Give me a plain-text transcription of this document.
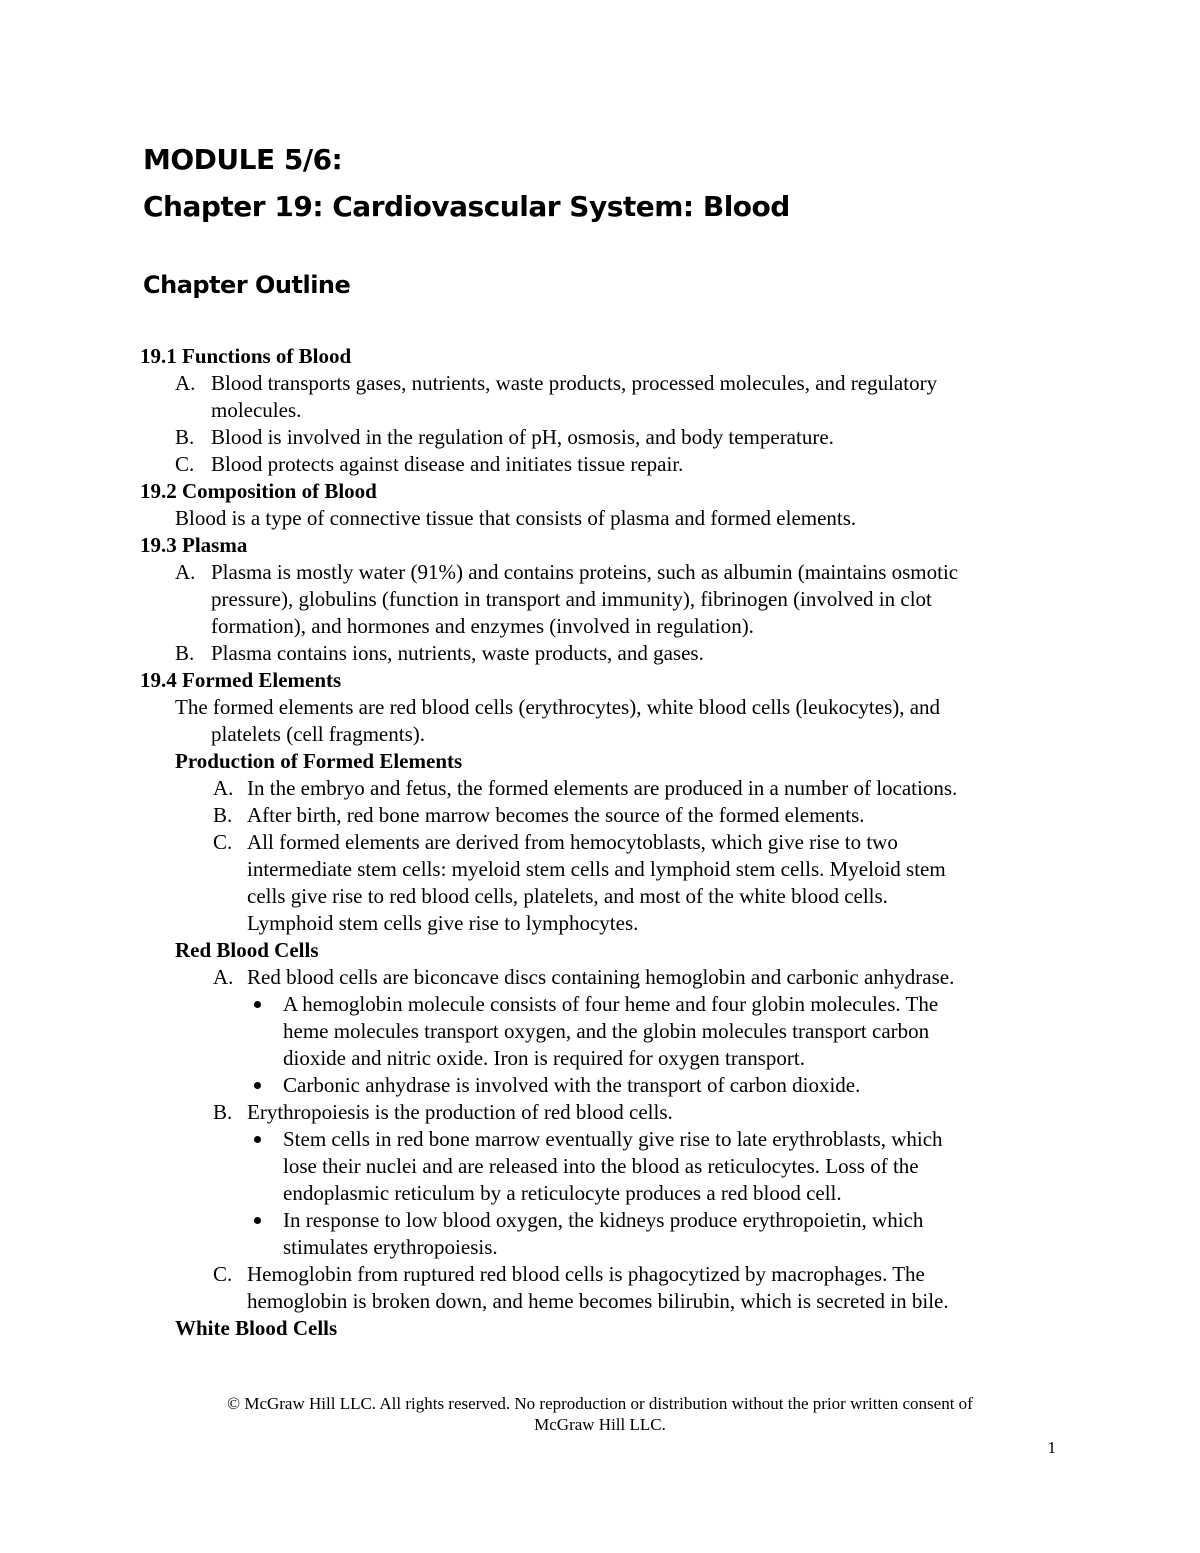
MODULE 5/6:
Chapter 19: Cardiovascular System: Blood
Chapter Outline
19.1 Functions of Blood
A. Blood transports gases, nutrients, waste products, processed molecules, and regulatory
molecules.
B. Blood is involved in the regulation of pH, osmosis, and body temperature.
C. Blood protects against disease and initiates tissue repair.
19.2 Composition of Blood
Blood is a type of connective tissue that consists of plasma and formed elements.
19.3 Plasma
A. Plasma is mostly water (91%) and contains proteins, such as albumin (maintains osmotic
pressure), globulins (function in transport and immunity), fibrinogen (involved in clot
formation), and hormones and enzymes (involved in regulation).
B. Plasma contains ions, nutrients, waste products, and gases.
19.4 Formed Elements
The formed elements are red blood cells (erythrocytes), white blood cells (leukocytes), and
platelets (cell fragments).
Production of Formed Elements
A. In the embryo and fetus, the formed elements are produced in a number of locations.
B. After birth, red bone marrow becomes the source of the formed elements.
C. All formed elements are derived from hemocytoblasts, which give rise to two
intermediate stem cells: myeloid stem cells and lymphoid stem cells. Myeloid stem
cells give rise to red blood cells, platelets, and most of the white blood cells.
Lymphoid stem cells give rise to lymphocytes.
Red Blood Cells
A. Red blood cells are biconcave discs containing hemoglobin and carbonic anhydrase.
A hemoglobin molecule consists of four heme and four globin molecules. The
heme molecules transport oxygen, and the globin molecules transport carbon
dioxide and nitric oxide. Iron is required for oxygen transport.
Carbonic anhydrase is involved with the transport of carbon dioxide.
B. Erythropoiesis is the production of red blood cells.
Stem cells in red bone marrow eventually give rise to late erythroblasts, which
lose their nuclei and are released into the blood as reticulocytes. Loss of the
endoplasmic reticulum by a reticulocyte produces a red blood cell.
In response to low blood oxygen, the kidneys produce erythropoietin, which
stimulates erythropoiesis.
C. Hemoglobin from ruptured red blood cells is phagocytized by macrophages. The
hemoglobin is broken down, and heme becomes bilirubin, which is secreted in bile.
White Blood Cells
© McGraw Hill LLC. All rights reserved. No reproduction or distribution without the prior written consent of
McGraw Hill LLC.
1
